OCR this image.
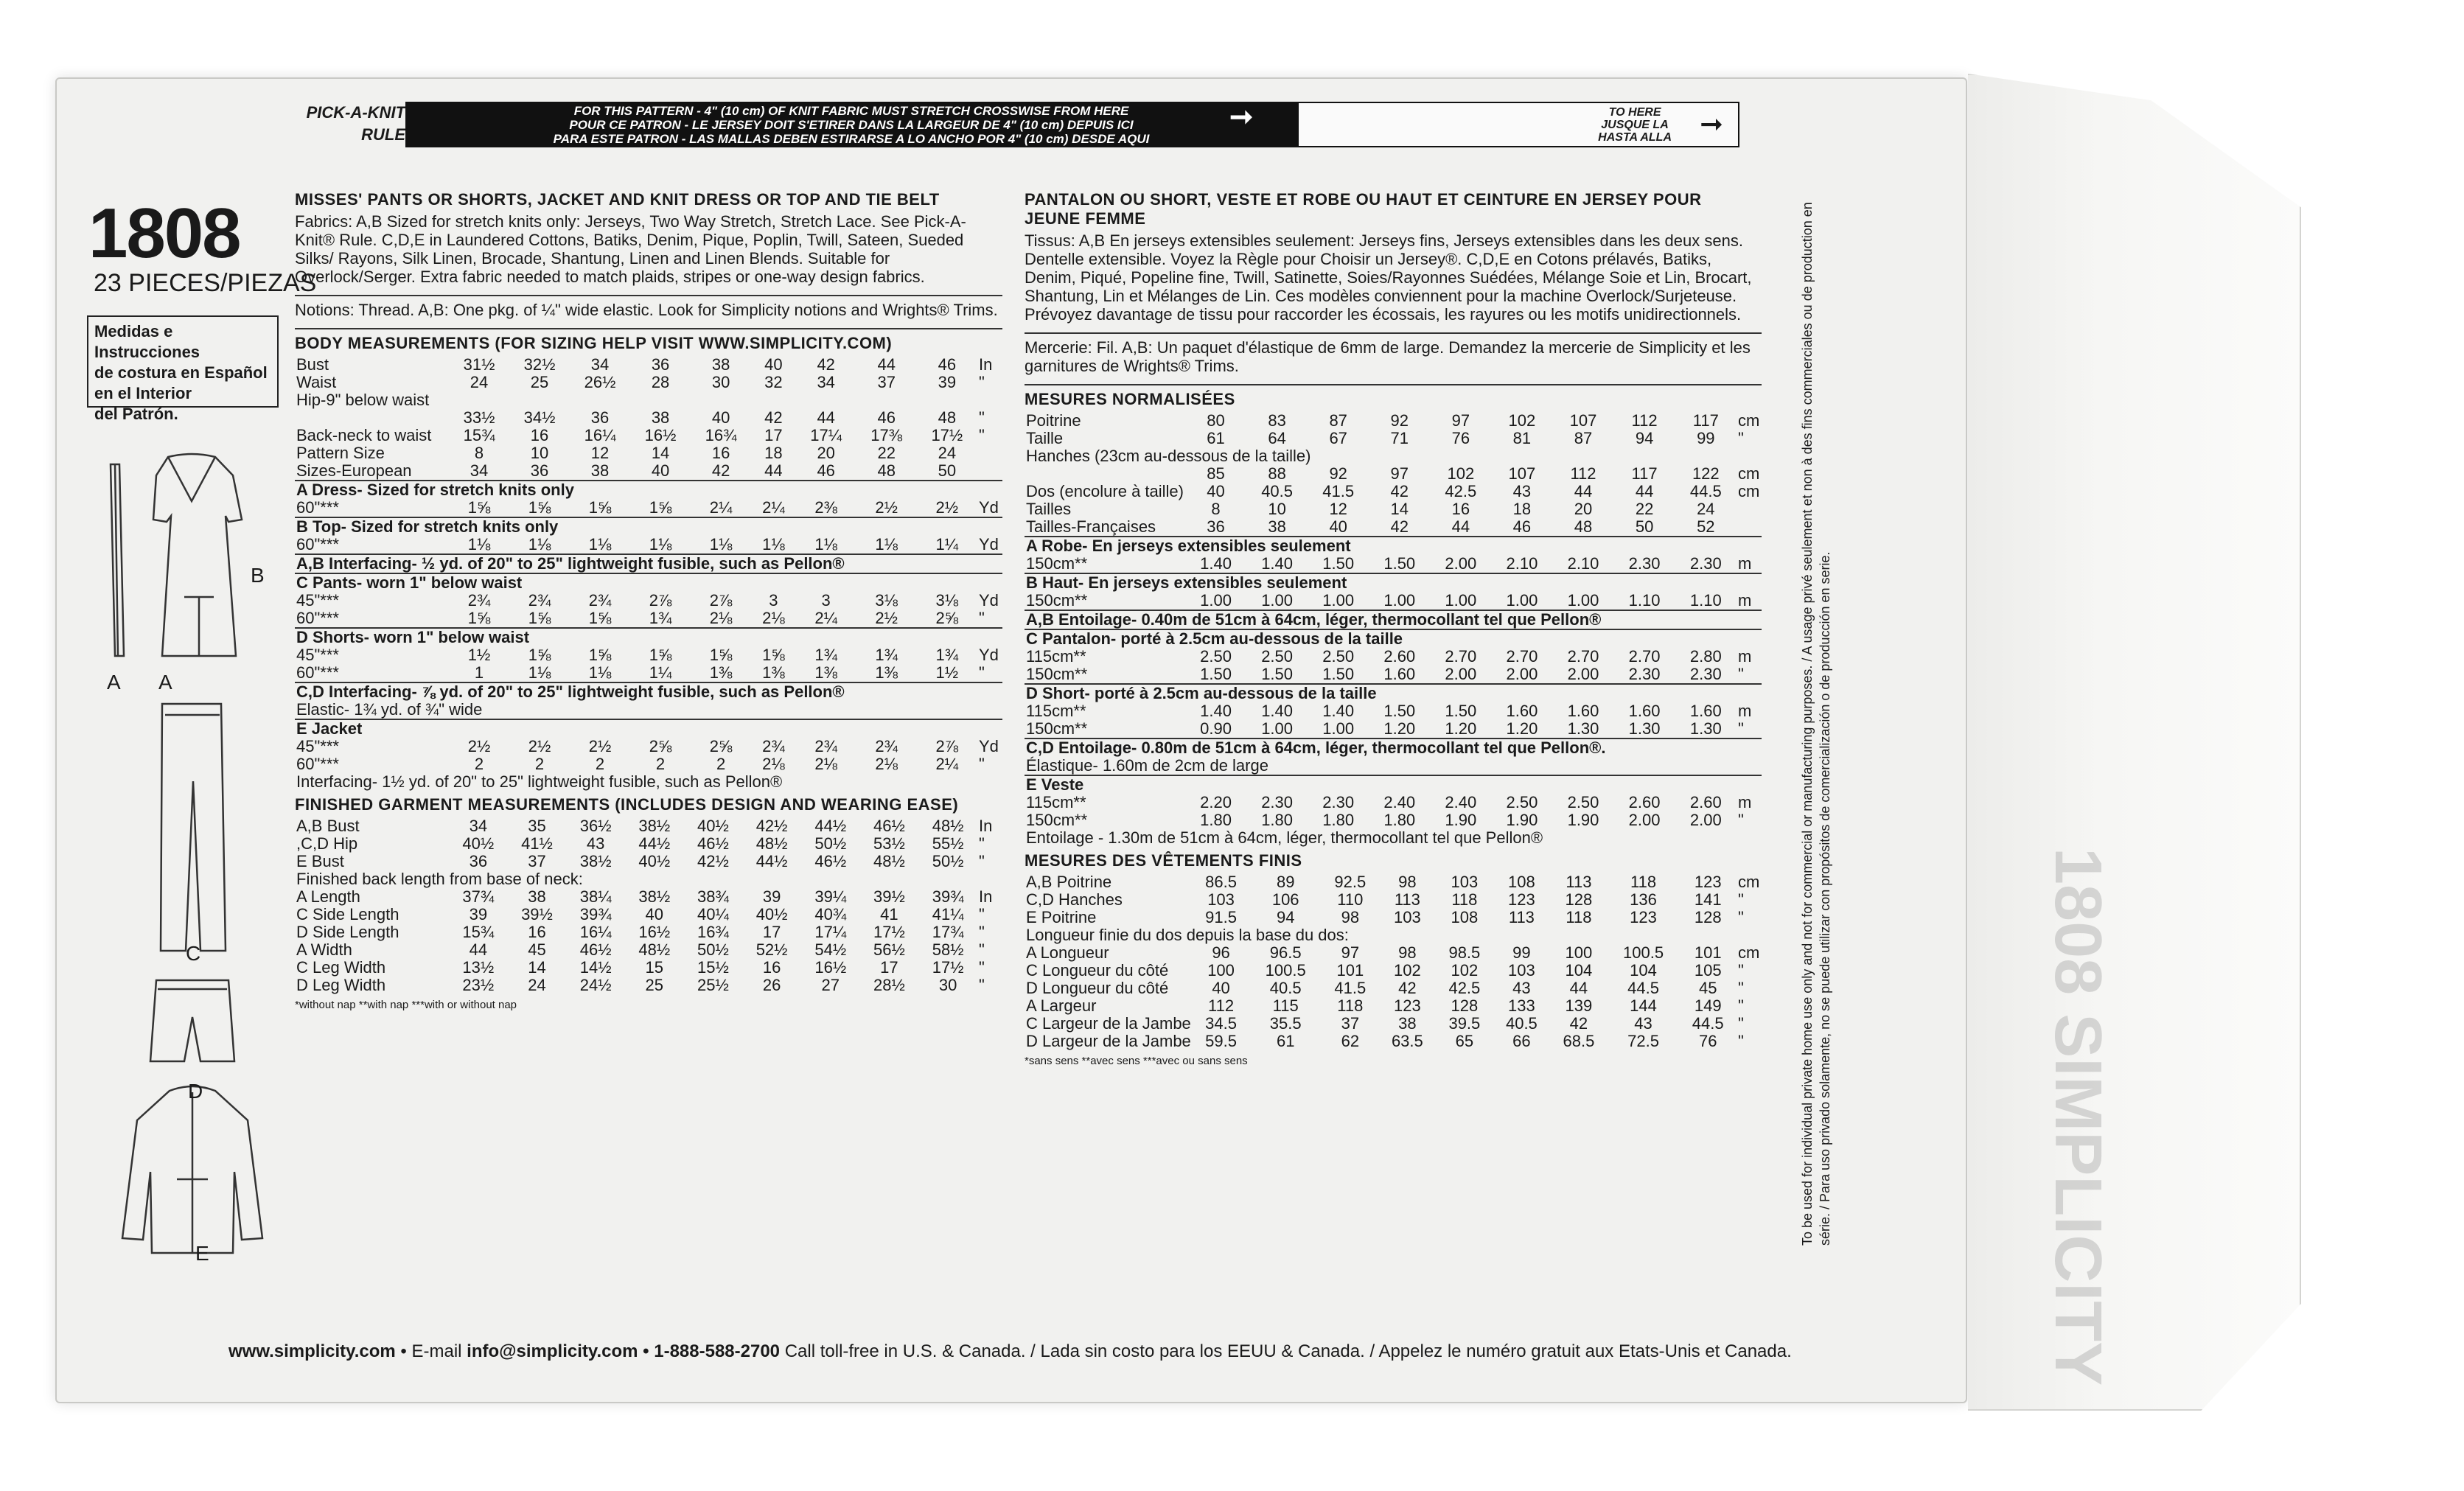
1808 SIMPLICITY
PICK-A-KNIT
RULE
FOR THIS PATTERN - 4" (10 cm) OF KNIT FABRIC MUST STRETCH CROSSWISE FROM HERE
POUR CE PATRON - LE JERSEY DOIT S'ETIRER DANS LA LARGEUR DE 4" (10 cm) DEPUIS ICI
PARA ESTE PATRON - LAS MALLAS DEBEN ESTIRARSE A LO ANCHO POR 4" (10 cm) DESDE AQUI
➞	TO HERE
JUSQUE LA
HASTA ALLA ➞
1808
23 PIECES/PIEZAS
Medidas e Instrucciones
de costura en Español
en el Interior
del Patrón.
A A
B
C
D
E
MISSES' PANTS OR SHORTS, JACKET AND KNIT DRESS OR TOP AND TIE BELT
Fabrics: A,B Sized for stretch knits only: Jerseys, Two Way Stretch, Stretch Lace. See Pick-A-Knit® Rule. C,D,E in Laundered Cottons, Batiks, Denim, Pique, Poplin, Twill, Sateen, Sueded Silks/ Rayons, Silk Linen, Brocade, Shantung, Linen and Linen Blends. Suitable for Overlock/Serger. Extra fabric needed to match plaids, stripes or one-way design fabrics.
Notions: Thread. A,B: One pkg. of ¼" wide elastic. Look for Simplicity notions and Wrights® Trims.
BODY MEASUREMENTS (FOR SIZING HELP VISIT WWW.SIMPLICITY.COM)
Bust	31½	32½	34	36	38	40	42	44	46	In
Waist	24	25	26½	28	30	32	34	37	39	"
Hip-9" below waist										
	33½	34½	36	38	40	42	44	46	48	"
Back-neck to waist	15¾	16	16¼	16½	16¾	17	17¼	17⅜	17½	"
Pattern Size	8	10	12	14	16	18	20	22	24	
Sizes-European	34	36	38	40	42	44	46	48	50	
A Dress- Sized for stretch knits only										
60"***	1⅝	1⅝	1⅝	1⅝	2¼	2¼	2⅜	2½	2½	Yd
B Top- Sized for stretch knits only										
60"***	1⅛	1⅛	1⅛	1⅛	1⅛	1⅛	1⅛	1⅛	1¼	Yd
A,B Interfacing- ½ yd. of 20" to 25" lightweight fusible, such as Pellon®										
C Pants- worn 1" below waist										
45"***	2¾	2¾	2¾	2⅞	2⅞	3	3	3⅛	3⅛	Yd
60"***	1⅝	1⅝	1⅝	1¾	2⅛	2⅛	2¼	2½	2⅝	"
D Shorts- worn 1" below waist										
45"***	1½	1⅝	1⅝	1⅝	1⅝	1⅝	1¾	1¾	1¾	Yd
60"***	1	1⅛	1⅛	1¼	1⅜	1⅜	1⅜	1⅜	1½	"
C,D Interfacing- ⅞ yd. of 20" to 25" lightweight fusible, such as Pellon®										
Elastic- 1¾ yd. of ¾" wide										
E Jacket										
45"***	2½	2½	2½	2⅝	2⅝	2¾	2¾	2¾	2⅞	Yd
60"***	2	2	2	2	2	2⅛	2⅛	2⅛	2¼	"
Interfacing- 1½ yd. of 20" to 25" lightweight fusible, such as Pellon®										
FINISHED GARMENT MEASUREMENTS (INCLUDES DESIGN AND WEARING EASE)
A,B Bust	34	35	36½	38½	40½	42½	44½	46½	48½	In
,C,D Hip	40½	41½	43	44½	46½	48½	50½	53½	55½	"
E Bust	36	37	38½	40½	42½	44½	46½	48½	50½	"
Finished back length from base of neck:										
A Length	37¾	38	38¼	38½	38¾	39	39¼	39½	39¾	In
C Side Length	39	39½	39¾	40	40¼	40½	40¾	41	41¼	"
D Side Length	15¾	16	16¼	16½	16¾	17	17¼	17½	17¾	"
A Width	44	45	46½	48½	50½	52½	54½	56½	58½	"
C Leg Width	13½	14	14½	15	15½	16	16½	17	17½	"
D Leg Width	23½	24	24½	25	25½	26	27	28½	30	"
*without nap **with nap ***with or without nap
PANTALON OU SHORT, VESTE ET ROBE OU HAUT ET CEINTURE EN JERSEY POUR JEUNE FEMME
Tissus: A,B En jerseys extensibles seulement: Jerseys fins, Jerseys extensibles dans les deux sens. Dentelle extensible. Voyez la Règle pour Choisir un Jersey®. C,D,E en Cotons prélavés, Batiks, Denim, Piqué, Popeline fine, Twill, Satinette, Soies/Rayonnes Suédées, Mélange Soie et Lin, Brocart, Shantung, Lin et Mélanges de Lin. Ces modèles conviennent pour la machine Overlock/Surjeteuse. Prévoyez davantage de tissu pour raccorder les écossais, les rayures ou les motifs unidirectionnels.
Mercerie: Fil. A,B: Un paquet d'élastique de 6mm de large. Demandez la mercerie de Simplicity et les garnitures de Wrights® Trims.
MESURES NORMALISÉES
Poitrine	80	83	87	92	97	102	107	112	117	cm
Taille	61	64	67	71	76	81	87	94	99	"
Hanches (23cm au-dessous de la taille)										
	85	88	92	97	102	107	112	117	122	cm
Dos (encolure à taille)	40	40.5	41.5	42	42.5	43	44	44	44.5	cm
Tailles	8	10	12	14	16	18	20	22	24	
Tailles-Françaises	36	38	40	42	44	46	48	50	52	
A Robe- En jerseys extensibles seulement										
150cm**	1.40	1.40	1.50	1.50	2.00	2.10	2.10	2.30	2.30	m
B Haut- En jerseys extensibles seulement										
150cm**	1.00	1.00	1.00	1.00	1.00	1.00	1.00	1.10	1.10	m
A,B Entoilage- 0.40m de 51cm à 64cm, léger, thermocollant tel que Pellon®										
C Pantalon- porté à 2.5cm au-dessous de la taille										
115cm**	2.50	2.50	2.50	2.60	2.70	2.70	2.70	2.70	2.80	m
150cm**	1.50	1.50	1.50	1.60	2.00	2.00	2.00	2.30	2.30	"
D Short- porté à 2.5cm au-dessous de la taille										
115cm**	1.40	1.40	1.40	1.50	1.50	1.60	1.60	1.60	1.60	m
150cm**	0.90	1.00	1.00	1.20	1.20	1.20	1.30	1.30	1.30	"
C,D Entoilage- 0.80m de 51cm à 64cm, léger, thermocollant tel que Pellon®.										
Élastique- 1.60m de 2cm de large										
E Veste										
115cm**	2.20	2.30	2.30	2.40	2.40	2.50	2.50	2.60	2.60	m
150cm**	1.80	1.80	1.80	1.80	1.90	1.90	1.90	2.00	2.00	"
Entoilage - 1.30m de 51cm à 64cm, léger, thermocollant tel que Pellon®										
MESURES DES VÊTEMENTS FINIS
A,B Poitrine	86.5	89	92.5	98	103	108	113	118	123	cm
C,D Hanches	103	106	110	113	118	123	128	136	141	"
E Poitrine	91.5	94	98	103	108	113	118	123	128	"
Longueur finie du dos depuis la base du dos:										
A Longueur	96	96.5	97	98	98.5	99	100	100.5	101	cm
C Longueur du côté	100	100.5	101	102	102	103	104	104	105	"
D Longueur du côté	40	40.5	41.5	42	42.5	43	44	44.5	45	"
A Largeur	112	115	118	123	128	133	139	144	149	"
C Largeur de la Jambe	34.5	35.5	37	38	39.5	40.5	42	43	44.5	"
D Largeur de la Jambe	59.5	61	62	63.5	65	66	68.5	72.5	76	"
*sans sens **avec sens ***avec ou sans sens
www.simplicity.com • E-mail info@simplicity.com • 1-888-588-2700 Call toll-free in U.S. & Canada. / Lada sin costo para los EEUU & Canada. / Appelez le numéro gratuit aux Etats-Unis et Canada.
To be used for individual private home use only and not for commercial or manufacturing purposes. / A usage privé seulement et non à des fins commerciales ou de production en série. / Para uso privado solamente, no se puede utilizar con propósitos de comercialización o de producción en serie.
